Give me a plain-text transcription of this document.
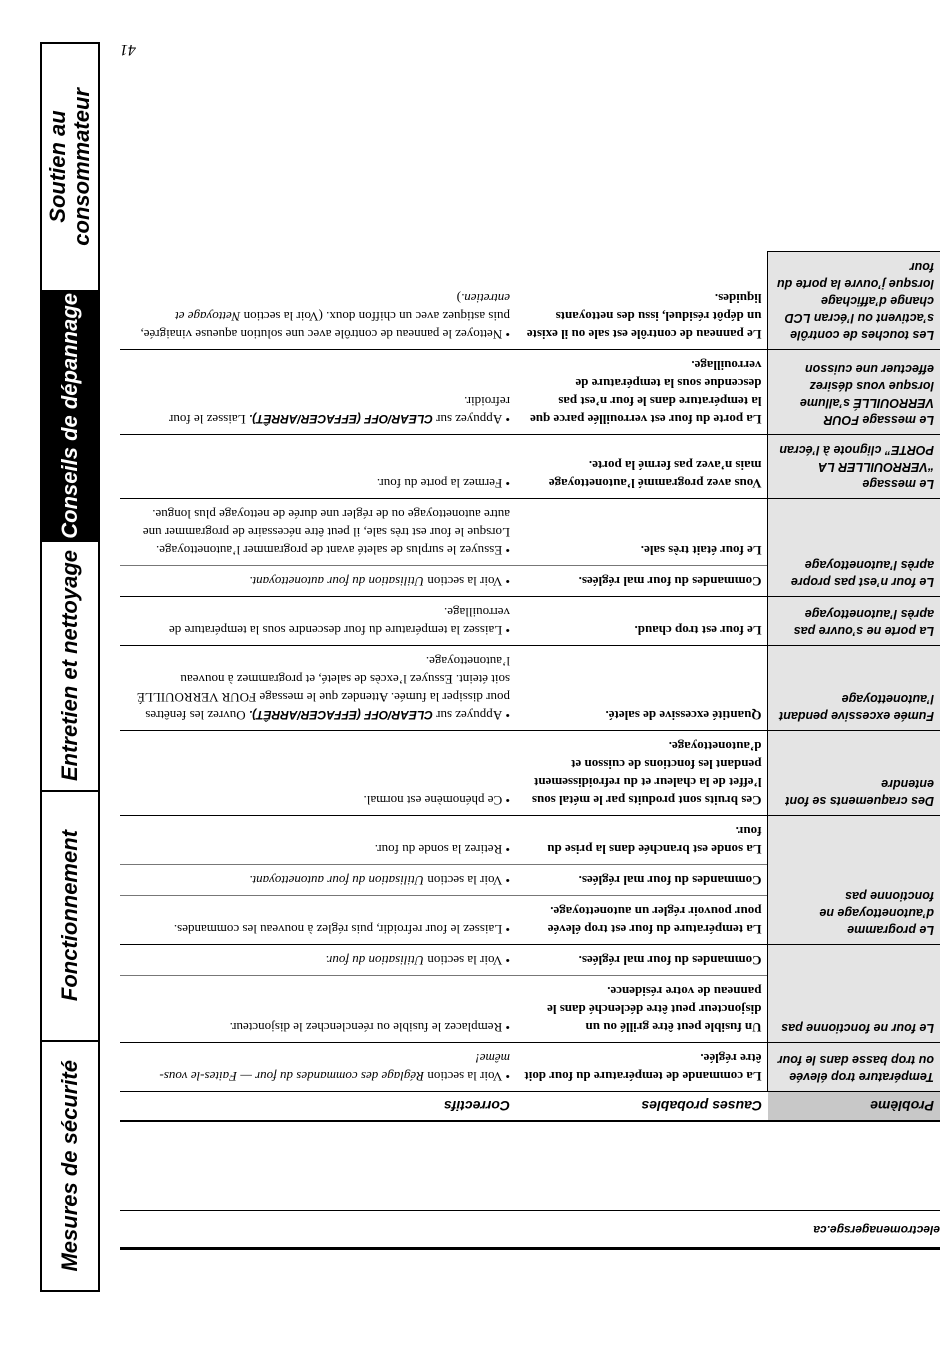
Soutien au
consommateur
Conseils de dépannage
Entretien et nettoyage
Fonctionnement
Mesures de sécurité	electromenagersge.ca
Problème	Causes probables	Correctifs
Température trop élevée ou trop basse dans le four	La commande de température du four doit être réglée.	• Voir la section Réglage des commandes du four — Faites-le vous-même!
Le four ne fonctionne pas	Un fusible peut être grillé ou un disjoncteur peut être déclenché dans le panneau de votre résidence.	• Remplacez le fusible ou réenclenchez le disjoncteur.
	Commandes du four mal réglées.	• Voir la section Utilisation du four.
Le programme d’autonettoyage ne fonctionne pas	La température du four est trop élevée pour pouvoir régler un autonettoyage.	• Laissez le four refroidir, puis réglez à nouveau les commandes.
	Commandes du four mal réglées.	• Voir la section Utilisation du four autonettoyant.
	La sonde est branchée dans la prise du four.	• Retirez la sonde du four.
Des craquements se font entendre	Ces bruits sont produits par le métal sous l’effet de la chaleur et du refroidissement pendant les fonctions de cuisson et d’autonettoyage.	• Ce phénomène est normal.
Fumée excessive pendant l’autonettoyage	Quantité excessive de saleté.	• Appuyez sur CLEAR/OFF (EFFACER/ARRÊT). Ouvrez les fenêtres pour dissiper la fumée. Attendez que le message FOUR VERROUILLÉ soit éteint. Essuyez l’excès de saleté, et programmez à nouveau l’autonettoyage.
La porte ne s’ouvre pas après l’autonettoyage	Le four est trop chaud.	• Laissez la température du four descendre sous la température de verrouillage.
Le four n’est pas propre après l’autonettoyage	Commandes du four mal réglées.	• Voir la section Utilisation du four autonettoyant.
	Le four était très sale.	• Essuyez le surplus de saleté avant de programmer l’autonettoyage. Lorsque le four est très sale, il peut être nécessaire de programmer une autre autonettoyage ou de régler une durée de nettoyage plus longue.
Le message “VERROUILLER LA PORTE” clignote à l’écran	Vous avez programmé l’autonettoyage mais n’avez pas fermé la porte.	• Fermez la porte du four.
Le message FOUR VERROUILLÉ s’allume lorsque vous désirez effectuer une cuisson	La porte du four est verrouillée parce que la température dans le four n’est pas descendue sous la température de verrouillage.	• Appuyez sur CLEAR/OFF (EFFACER/ARRÊT). Laissez le four refroidir.
Les touches de contrôle s’activent ou l’écran LCD change d’affichage lorsque j’ouvre la porte du four	Le panneau de contrôle est sale ou il existe un dépôt résiduel, issu des nettoyants liquides.	• Nettoyez le panneau de contrôle avec une solution aqueuse vinaigrée, puis astiquez avec un chiffon doux. (Voir la section Nettoyage et entretien.)
41
